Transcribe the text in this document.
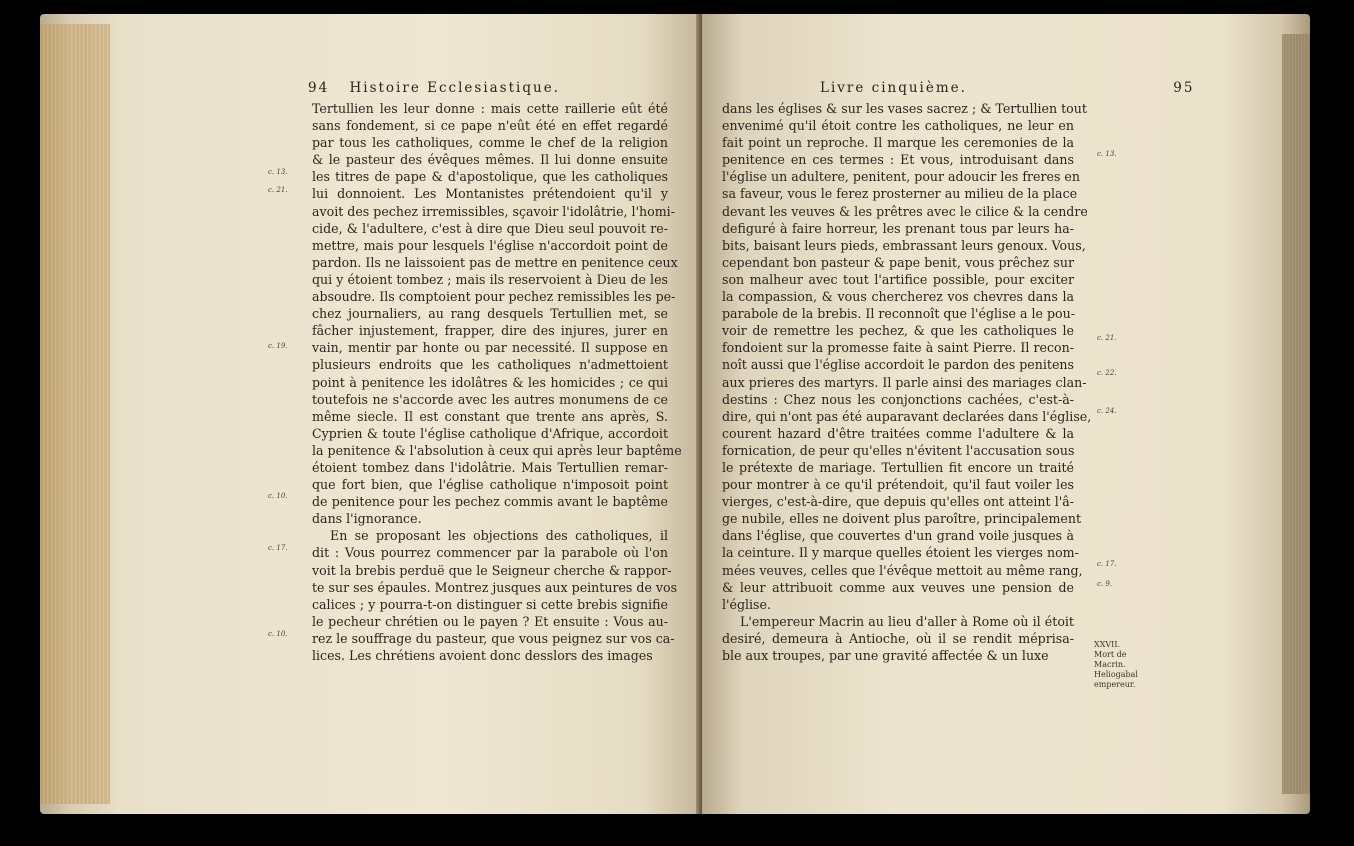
94 Histoire Ecclesiastique.
Tertullien les leur donne : mais cette raillerie eût été
sans fondement, si ce pape n'eût été en effet regardé
par tous les catholiques, comme le chef de la religion
& le pasteur des évêques mêmes. Il lui donne ensuite
les titres de pape & d'apostolique, que les catholiques
lui donnoient. Les Montanistes prétendoient qu'il y
avoit des pechez irremissibles, sçavoir l'idolâtrie, l'homi-
cide, & l'adultere, c'est à dire que Dieu seul pouvoit re-
mettre, mais pour lesquels l'église n'accordoit point de
pardon. Ils ne laissoient pas de mettre en penitence ceux
qui y étoient tombez ; mais ils reservoient à Dieu de les
absoudre. Ils comptoient pour pechez remissibles les pe-
chez journaliers, au rang desquels Tertullien met, se
fâcher injustement, frapper, dire des injures, jurer en
vain, mentir par honte ou par necessité. Il suppose en
plusieurs endroits que les catholiques n'admettoient
point à penitence les idolâtres & les homicides ; ce qui
toutefois ne s'accorde avec les autres monumens de ce
même siecle. Il est constant que trente ans après, S.
Cyprien & toute l'église catholique d'Afrique, accordoit
la penitence & l'absolution à ceux qui après leur baptême
étoient tombez dans l'idolâtrie. Mais Tertullien remar-
que fort bien, que l'église catholique n'imposoit point
de penitence pour les pechez commis avant le baptême
dans l'ignorance.
En se proposant les objections des catholiques, il
dit : Vous pourrez commencer par la parabole où l'on
voit la brebis perduë que le Seigneur cherche & rappor-
te sur ses épaules. Montrez jusques aux peintures de vos
calices ; y pourra-t-on distinguer si cette brebis signifie
le pecheur chrétien ou le payen ? Et ensuite : Vous au-
rez le souffrage du pasteur, que vous peignez sur vos ca-
lices. Les chrétiens avoient donc desslors des images
c. 13.
c. 21.
c. 19.
c. 10.
c. 17.
c. 10.
Livre cinquième.	95
dans les églises & sur les vases sacrez ; & Tertullien tout
envenimé qu'il étoit contre les catholiques, ne leur en
fait point un reproche. Il marque les ceremonies de la
penitence en ces termes : Et vous, introduisant dans
l'église un adultere, penitent, pour adoucir les freres en
sa faveur, vous le ferez prosterner au milieu de la place
devant les veuves & les prêtres avec le cilice & la cendre
defiguré à faire horreur, les prenant tous par leurs ha-
bits, baisant leurs pieds, embrassant leurs genoux. Vous,
cependant bon pasteur & pape benit, vous prêchez sur
son malheur avec tout l'artifice possible, pour exciter
la compassion, & vous chercherez vos chevres dans la
parabole de la brebis. Il reconnoît que l'église a le pou-
voir de remettre les pechez, & que les catholiques le
fondoient sur la promesse faite à saint Pierre. Il recon-
noît aussi que l'église accordoit le pardon des penitens
aux prieres des martyrs. Il parle ainsi des mariages clan-
destins : Chez nous les conjonctions cachées, c'est-à-
dire, qui n'ont pas été auparavant declarées dans l'église,
courent hazard d'être traitées comme l'adultere & la
fornication, de peur qu'elles n'évitent l'accusation sous
le prétexte de mariage. Tertullien fit encore un traité
pour montrer à ce qu'il prétendoit, qu'il faut voiler les
vierges, c'est-à-dire, que depuis qu'elles ont atteint l'â-
ge nubile, elles ne doivent plus paroître, principalement
dans l'église, que couvertes d'un grand voile jusques à
la ceinture. Il y marque quelles étoient les vierges nom-
mées veuves, celles que l'évêque mettoit au même rang,
& leur attribuoit comme aux veuves une pension de
l'église.
L'empereur Macrin au lieu d'aller à Rome où il étoit
desiré, demeura à Antioche, où il se rendit méprisa-
ble aux troupes, par une gravité affectée & un luxe
c. 13.
c. 21.
c. 22.
c. 24.
c. 17.
c. 9.
XXVII.
Mort de Macrin. Heliogabal empereur.
